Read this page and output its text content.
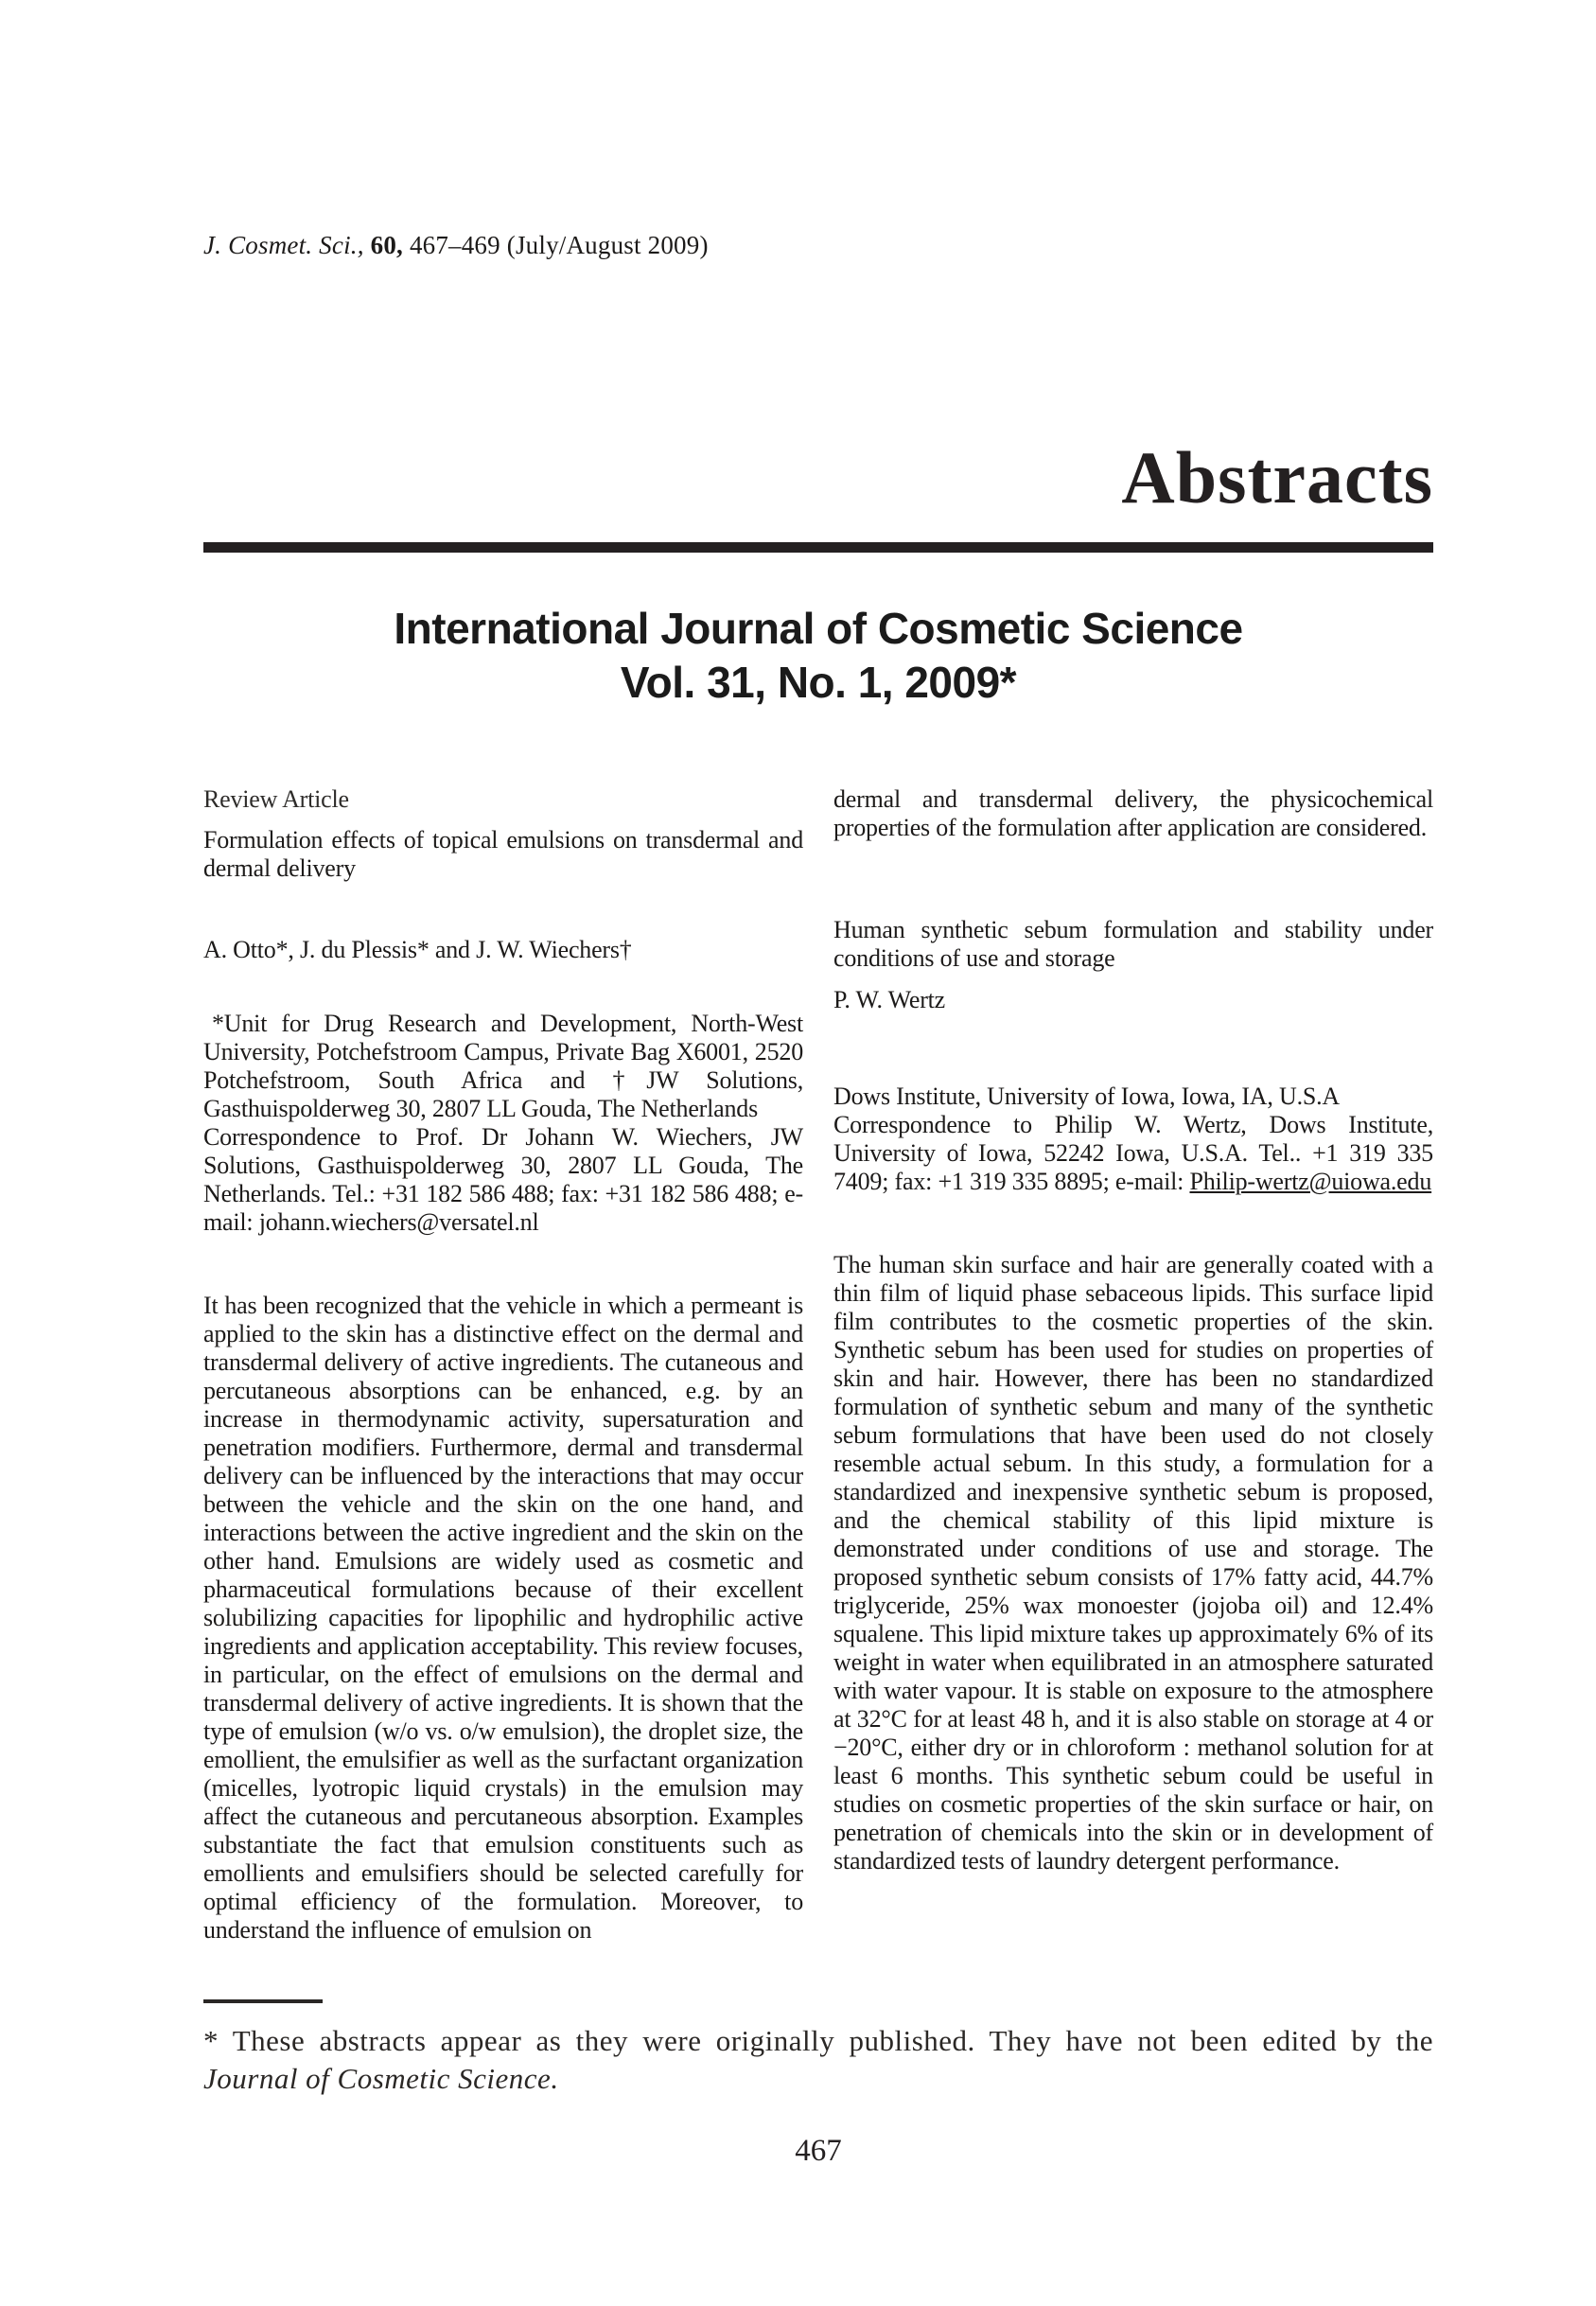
J. Cosmet. Sci., 60, 467–469 (July/August 2009)
Abstracts
International Journal of Cosmetic Science
Vol. 31, No. 1, 2009*
Review Article
Formulation effects of topical emulsions on transdermal and dermal delivery
A. Otto*, J. du Plessis* and J. W. Wiechers†

*Unit for Drug Research and Development, North-West University, Potchefstroom Campus, Private Bag X6001, 2520 Potchefstroom, South Africa and †JW Solutions, Gasthuispolderweg 30, 2807 LL Gouda, The Netherlands

Correspondence to Prof. Dr Johann W. Wiechers, JW Solutions, Gasthuispolderweg 30, 2807 LL Gouda, The Netherlands. Tel.: +31 182 586 488; fax: +31 182 586 488; e-mail: johann.wiechers@versatel.nl

It has been recognized that the vehicle in which a permeant is applied to the skin has a distinctive effect on the dermal and transdermal delivery of active ingredients. The cutaneous and percutaneous absorptions can be enhanced, e.g. by an increase in thermodynamic activity, supersaturation and penetration modifiers. Furthermore, dermal and transdermal delivery can be influenced by the interactions that may occur between the vehicle and the skin on the one hand, and interactions between the active ingredient and the skin on the other hand. Emulsions are widely used as cosmetic and pharmaceutical formulations because of their excellent solubilizing capacities for lipophilic and hydrophilic active ingredients and application acceptability. This review focuses, in particular, on the effect of emulsions on the dermal and transdermal delivery of active ingredients. It is shown that the type of emulsion (w/o vs. o/w emulsion), the droplet size, the emollient, the emulsifier as well as the surfactant organization (micelles, lyotropic liquid crystals) in the emulsion may affect the cutaneous and percutaneous absorption. Examples substantiate the fact that emulsion constituents such as emollients and emulsifiers should be selected carefully for optimal efficiency of the formulation. Moreover, to understand the influence of emulsion on
dermal and transdermal delivery, the physicochemical properties of the formulation after application are considered.
Human synthetic sebum formulation and stability under conditions of use and storage
P. W. Wertz

Dows Institute, University of Iowa, Iowa, IA, U.S.A

Correspondence to Philip W. Wertz, Dows Institute, University of Iowa, 52242 Iowa, U.S.A. Tel.. +1 319 335 7409; fax: +1 319 335 8895; e-mail: Philip-wertz@uiowa.edu

The human skin surface and hair are generally coated with a thin film of liquid phase sebaceous lipids. This surface lipid film contributes to the cosmetic properties of the skin. Synthetic sebum has been used for studies on properties of skin and hair. However, there has been no standardized formulation of synthetic sebum and many of the synthetic sebum formulations that have been used do not closely resemble actual sebum. In this study, a formulation for a standardized and inexpensive synthetic sebum is proposed, and the chemical stability of this lipid mixture is demonstrated under conditions of use and storage. The proposed synthetic sebum consists of 17% fatty acid, 44.7% triglyceride, 25% wax monoester (jojoba oil) and 12.4% squalene. This lipid mixture takes up approximately 6% of its weight in water when equilibrated in an atmosphere saturated with water vapour. It is stable on exposure to the atmosphere at 32°C for at least 48 h, and it is also stable on storage at 4 or −20°C, either dry or in chloroform : methanol solution for at least 6 months. This synthetic sebum could be useful in studies on cosmetic properties of the skin surface or hair, on penetration of chemicals into the skin or in development of standardized tests of laundry detergent performance.

* These abstracts appear as they were originally published. They have not been edited by the Journal of Cosmetic Science.

467
